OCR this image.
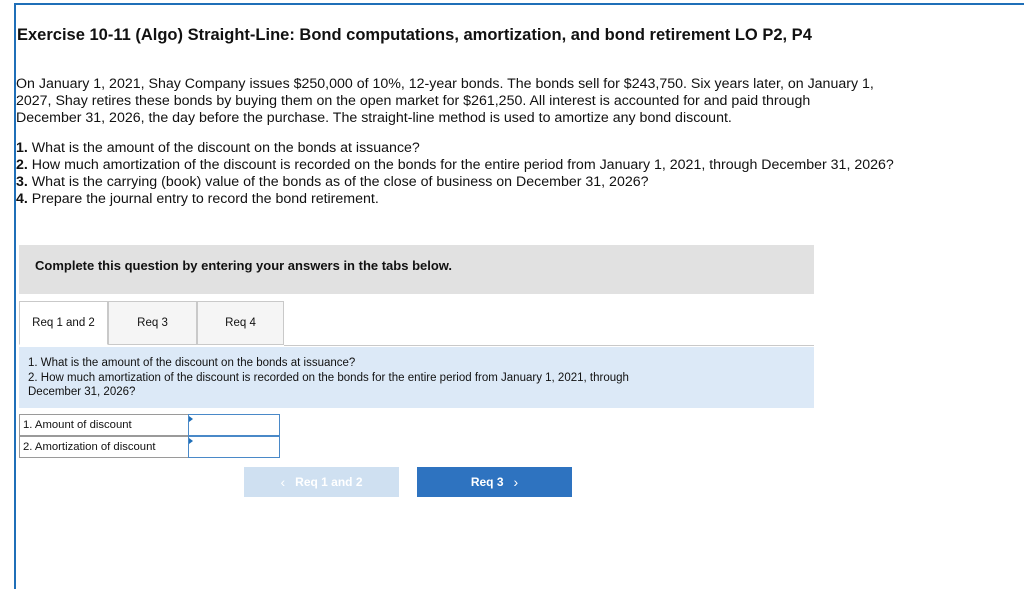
Exercise 10-11 (Algo) Straight-Line: Bond computations, amortization, and bond retirement LO P2, P4
On January 1, 2021, Shay Company issues $250,000 of 10%, 12-year bonds. The bonds sell for $243,750. Six years later, on January 1,
2027, Shay retires these bonds by buying them on the open market for $261,250. All interest is accounted for and paid through
December 31, 2026, the day before the purchase. The straight-line method is used to amortize any bond discount.

1. What is the amount of the discount on the bonds at issuance?

2. How much amortization of the discount is recorded on the bonds for the entire period from January 1, 2021, through December 31, 2026?

3. What is the carrying (book) value of the bonds as of the close of business on December 31, 2026?

4. Prepare the journal entry to record the bond retirement.

Complete this question by entering your answers in the tabs below.
Req 1 and 2	Req 3	Req 4

1. What is the amount of the discount on the bonds at issuance?
2. How much amortization of the discount is recorded on the bonds for the entire period from January 1, 2021, through
December 31, 2026?

1. Amount of discount
2. Amortization of discount
‹ Req 1 and 2	Req 3 ›
